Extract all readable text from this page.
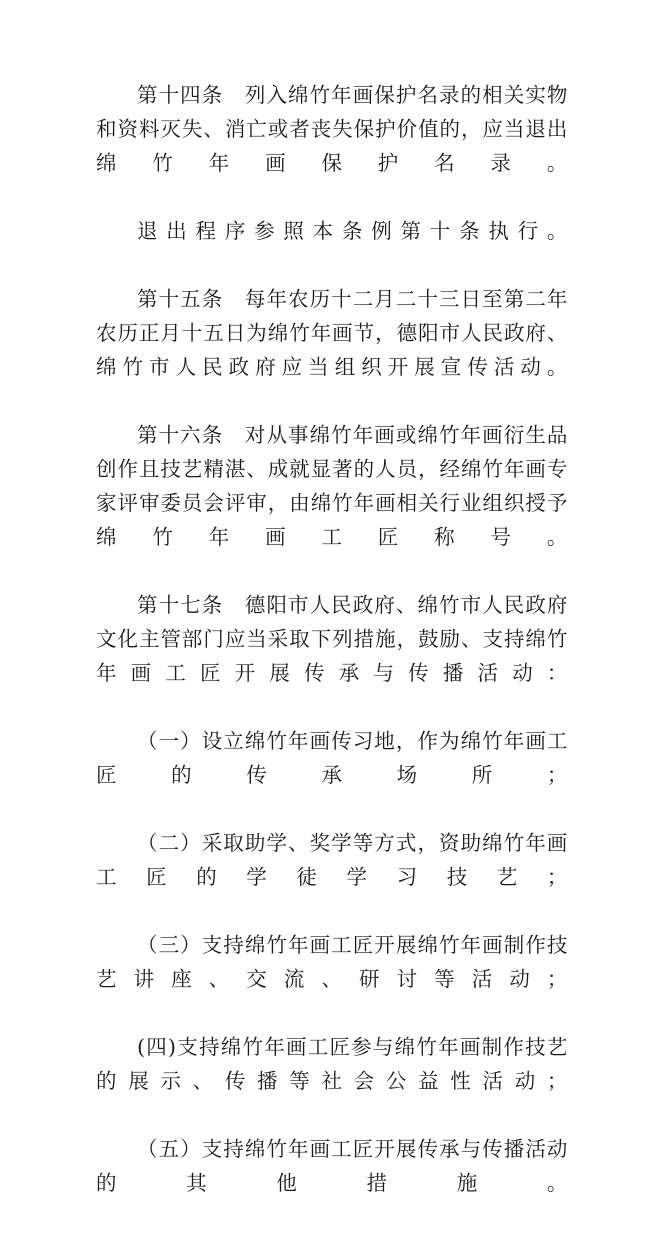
第十四条　列入绵竹年画保护名录的相关实物和资料灭失、消亡或者丧失保护价值的，应当退出绵竹年画保护名录。

退出程序参照本条例第十条执行。

第十五条　每年农历十二月二十三日至第二年农历正月十五日为绵竹年画节，德阳市人民政府、绵竹市人民政府应当组织开展宣传活动。

第十六条　对从事绵竹年画或绵竹年画衍生品创作且技艺精湛、成就显著的人员，经绵竹年画专家评审委员会评审，由绵竹年画相关行业组织授予绵竹年画工匠称号。

第十七条　德阳市人民政府、绵竹市人民政府文化主管部门应当采取下列措施，鼓励、支持绵竹年画工匠开展传承与传播活动：

（一）设立绵竹年画传习地，作为绵竹年画工匠的传承场所；

（二）采取助学、奖学等方式，资助绵竹年画工匠的学徒学习技艺；

（三）支持绵竹年画工匠开展绵竹年画制作技艺讲座、交流、研讨等活动；

(四)支持绵竹年画工匠参与绵竹年画制作技艺的展示、传播等社会公益性活动；

（五）支持绵竹年画工匠开展传承与传播活动的其他措施。
